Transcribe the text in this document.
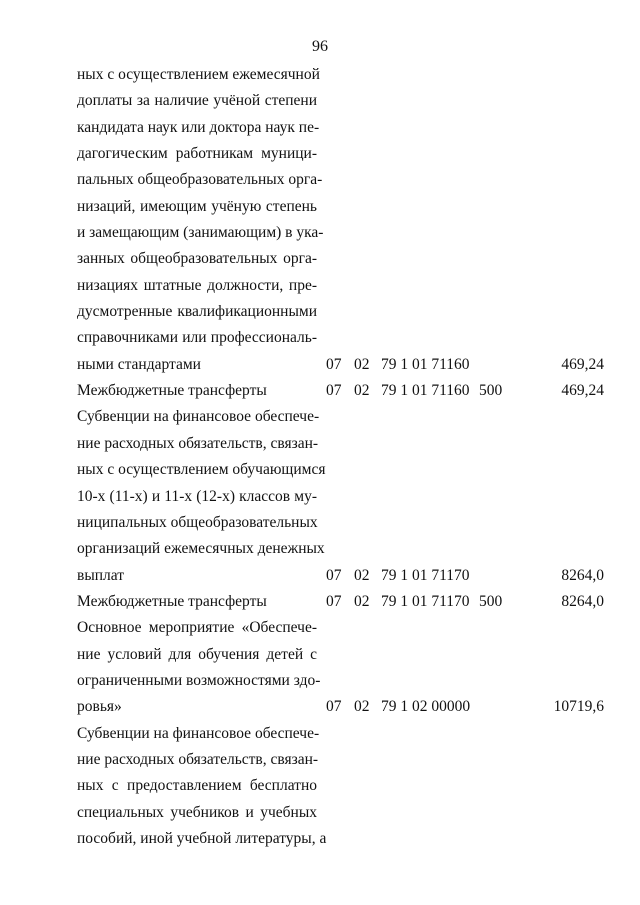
96
ных с осуществлением ежемесячной
доплаты за наличие учёной степени
кандидата наук или доктора наук пе-
дагогическим работникам муници-
пальных общеобразовательных орга-
низаций, имеющим учёную степень
и замещающим (занимающим) в ука-
занных общеобразовательных орга-
низациях штатные должности, пре-
дусмотренные квалификационными
справочниками или профессиональ-
ными стандартами	07 02 79 1 01 71160	469,24
Межбюджетные трансферты	07 02 79 1 01 71160 500	469,24
Субвенции на финансовое обеспече-
ние расходных обязательств, связан-
ных с осуществлением обучающимся
10-х (11-х) и 11-х (12-х) классов му-
ниципальных общеобразовательных
организаций ежемесячных денежных
выплат	07 02 79 1 01 71170	8264,0
Межбюджетные трансферты	07 02 79 1 01 71170 500	8264,0
Основное мероприятие «Обеспече-
ние условий для обучения детей с
ограниченными возможностями здо-
ровья»	07 02 79 1 02 00000	10719,6
Субвенции на финансовое обеспече-
ние расходных обязательств, связан-
ных с предоставлением бесплатно
специальных учебников и учебных
пособий, иной учебной литературы, а
